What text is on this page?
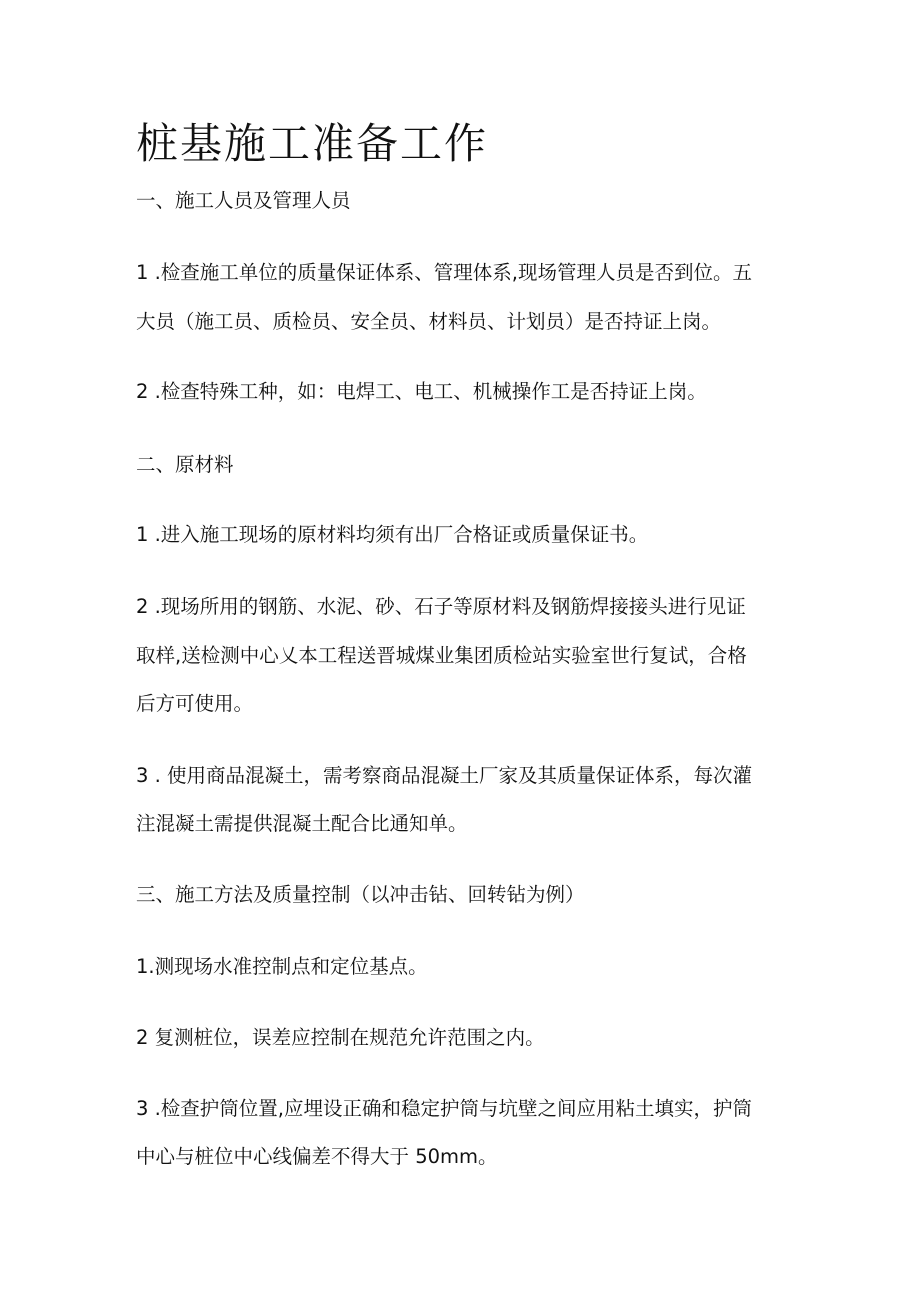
桩基施工准备工作

一、施工人员及管理人员

1 .检查施工单位的质量保证体系、管理体系,现场管理人员是否到位。五

大员（施工员、质检员、安全员、材料员、计划员）是否持证上岗。

2 .检查特殊工种，如：电焊工、电工、机械操作工是否持证上岗。

二、原材料

1 .进入施工现场的原材料均须有出厂合格证或质量保证书。

2 .现场所用的钢筋、水泥、砂、石子等原材料及钢筋焊接接头进行见证

取样,送检测中心乂本工程送晋城煤业集团质检站实验室世行复试，合格

后方可使用。

3 . 使用商品混凝土，需考察商品混凝土厂家及其质量保证体系，每次灌

注混凝土需提供混凝土配合比通知单。

三、施工方法及质量控制（以冲击钻、回转钻为例）

1.测现场水准控制点和定位基点。

2 复测桩位，误差应控制在规范允许范围之内。

3 .检查护筒位置,应埋设正确和稳定护筒与坑壁之间应用粘土填实，护筒

中心与桩位中心线偏差不得大于 50mm。
